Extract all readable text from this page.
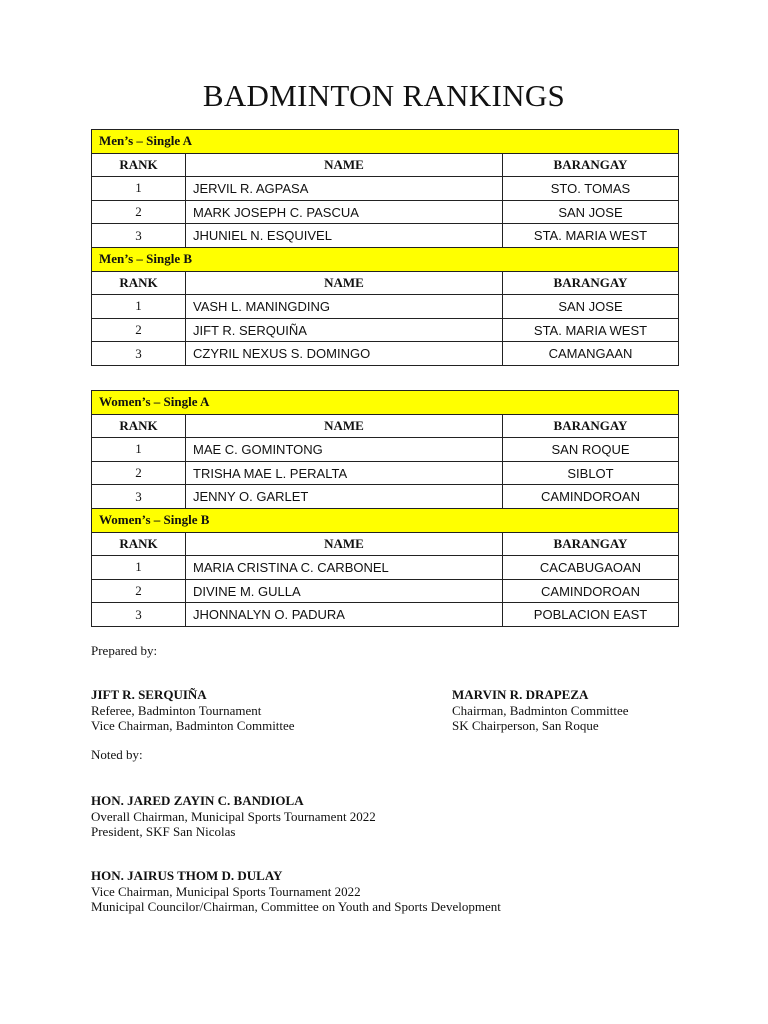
BADMINTON RANKINGS
Men’s – Single A		
RANK	NAME	BARANGAY
1	JERVIL R. AGPASA	STO. TOMAS
2	MARK JOSEPH C. PASCUA	SAN JOSE
3	JHUNIEL N. ESQUIVEL	STA. MARIA WEST
Men’s – Single B		
RANK	NAME	BARANGAY
1	VASH L. MANINGDING	SAN JOSE
2	JIFT R. SERQUIÑA	STA. MARIA WEST
3	CZYRIL NEXUS S. DOMINGO	CAMANGAAN
Women’s – Single A		
RANK	NAME	BARANGAY
1	MAE C. GOMINTONG	SAN ROQUE
2	TRISHA MAE L. PERALTA	SIBLOT
3	JENNY O. GARLET	CAMINDOROAN
Women’s – Single B		
RANK	NAME	BARANGAY
1	MARIA CRISTINA C. CARBONEL	CACABUGAOAN
2	DIVINE M. GULLA	CAMINDOROAN
3	JHONNALYN O. PADURA	POBLACION EAST
Prepared by:
JIFT R. SERQUIÑA
Referee, Badminton Tournament
Vice Chairman, Badminton Committee
MARVIN R. DRAPEZA
Chairman, Badminton Committee
SK Chairperson, San Roque
Noted by:
HON. JARED ZAYIN C. BANDIOLA
Overall Chairman, Municipal Sports Tournament 2022
President, SKF San Nicolas
HON. JAIRUS THOM D. DULAY
Vice Chairman, Municipal Sports Tournament 2022
Municipal Councilor/Chairman, Committee on Youth and Sports Development
